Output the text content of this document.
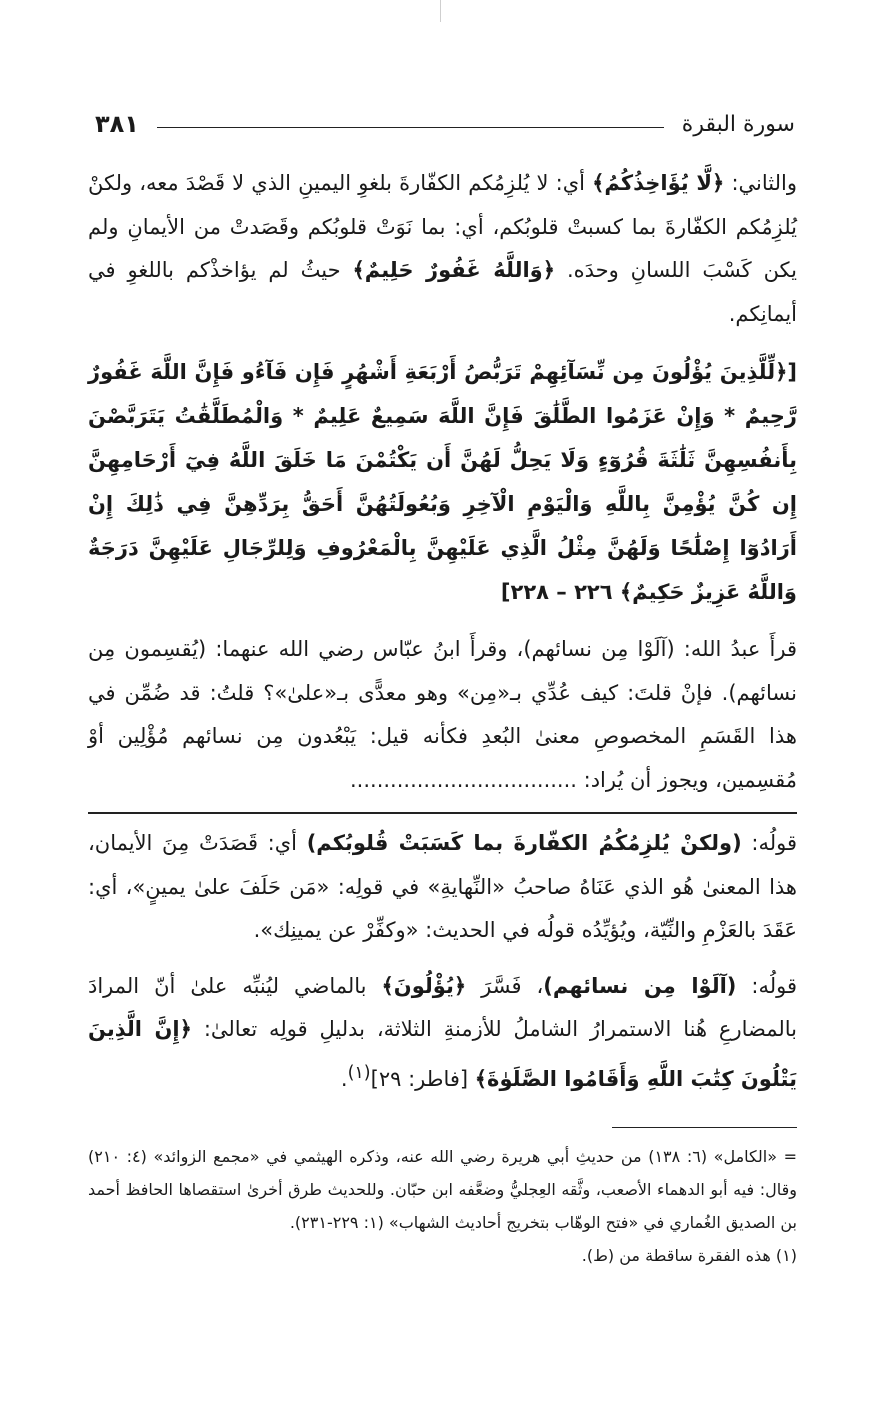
سورة البقرة
٣٨١

والثاني: ﴿لَّا يُؤَاخِذُكُمُ﴾ أي: لا يُلزِمُكم الكفّارةَ بلغوِ اليمينِ الذي لا قَصْدَ معه، ولكنْ يُلزِمُكم الكفّارةَ بما كسبتْ قلوبُكم، أي: بما نَوَتْ قلوبُكم وقَصَدتْ من الأيمانِ ولم يكن كَسْبَ اللسانِ وحدَه. ﴿وَاللَّهُ غَفُورٌ حَلِيمٌ﴾ حيثُ لم يؤاخذْكم باللغوِ في أيمانِكم.

[﴿لِّلَّذِينَ يُؤْلُونَ مِن نِّسَآئِهِمْ تَرَبُّصُ أَرْبَعَةِ أَشْهُرٍ فَإِن فَآءُو فَإِنَّ اللَّهَ غَفُورٌ رَّحِيمٌ * وَإِنْ عَزَمُوا الطَّلَٰقَ فَإِنَّ اللَّهَ سَمِيعٌ عَلِيمٌ * وَالْمُطَلَّقَٰتُ يَتَرَبَّصْنَ بِأَنفُسِهِنَّ ثَلَٰثَةَ قُرُوٓءٍ وَلَا يَحِلُّ لَهُنَّ أَن يَكْتُمْنَ مَا خَلَقَ اللَّهُ فِيٓ أَرْحَامِهِنَّ إِن كُنَّ يُؤْمِنَّ بِاللَّهِ وَالْيَوْمِ الْآخِرِ وَبُعُولَتُهُنَّ أَحَقُّ بِرَدِّهِنَّ فِي ذَٰلِكَ إِنْ أَرَادُوٓا إِصْلَٰحًا وَلَهُنَّ مِثْلُ الَّذِي عَلَيْهِنَّ بِالْمَعْرُوفِ وَلِلرِّجَالِ عَلَيْهِنَّ دَرَجَةٌ وَاللَّهُ عَزِيزٌ حَكِيمٌ﴾ ٢٢٦ – ٢٢٨]

قرأَ عبدُ الله: (آلَوْا مِن نسائهم)، وقرأَ ابنُ عبّاس رضي الله عنهما: (يُقسِمون مِن نسائهم). فإنْ قلتَ: كيف عُدِّي بـ«مِن» وهو معدًّى بـ«علىٰ»؟ قلتُ: قد ضُمِّن في هذا القَسَمِ المخصوصِ معنىٰ البُعدِ فكأنه قيل: يَبْعُدون مِن نسائهم مُؤْلِين أوْ مُقسِمين، ويجوز أن يُراد: ..................................

قولُه: (ولكنْ يُلزِمُكُمُ الكفّارةَ بما كَسَبَتْ قُلوبُكم) أي: قَصَدَتْ مِنَ الأيمان، هذا المعنىٰ هُو الذي عَنَاهُ صاحبُ «النِّهايةِ» في قولِه: «مَن حَلَفَ علىٰ يمينٍ»، أي: عَقَدَ بالعَزْمِ والنِّيّة، ويُؤيِّدُه قولُه في الحديث: «وكفِّرْ عن يمينِك».

قولُه: (آلَوْا مِن نسائهم)، فَسَّرَ ﴿يُؤْلُونَ﴾ بالماضي ليُنبِّه علىٰ أنّ المرادَ بالمضارعِ هُنا الاستمرارُ الشاملُ للأزمنةِ الثلاثة، بدليلِ قولِه تعالىٰ: ﴿إِنَّ الَّذِينَ يَتْلُونَ كِتَٰبَ اللَّهِ وَأَقَامُوا الصَّلَوٰةَ﴾ [فاطر: ٢٩]$^{(١)}$.

= «الكامل» (٦: ١٣٨) من حديثِ أبي هريرة رضي الله عنه، وذكره الهيثمي في «مجمع الزوائد» (٤: ٢١٠) وقال: فيه أبو الدهماء الأصعب، وثَّقه العِجليُّ وضعَّفه ابن حبّان. وللحديث طرق أخرىٰ استقصاها الحافظ أحمد بن الصديق الغُماري في «فتح الوهّاب بتخريج أحاديث الشهاب» (١: ٢٢٩-٢٣١).

(١) هذه الفقرة ساقطة من (ط).
